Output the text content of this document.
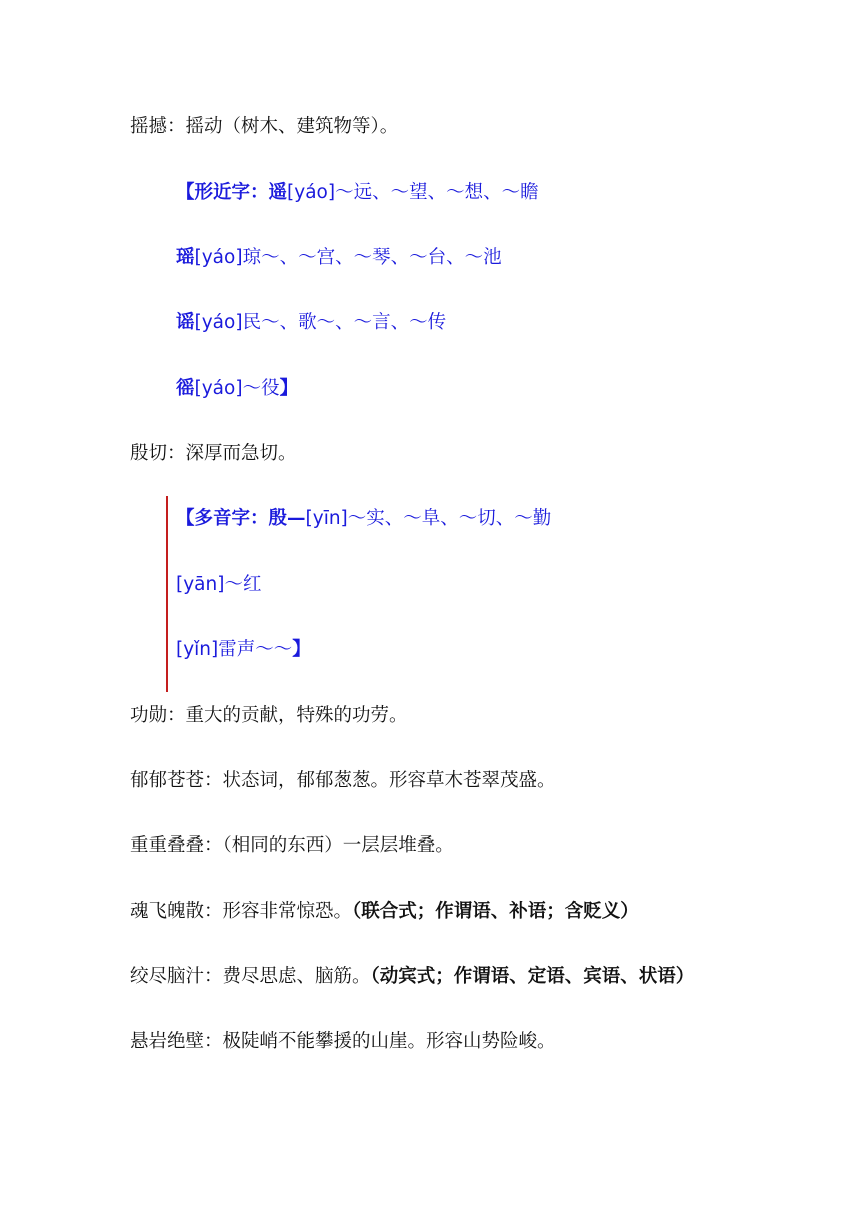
摇撼：摇动（树木、建筑物等）。
【形近字：遥[yáo]～远、～望、～想、～瞻
瑶[yáo]琼～、～宫、～琴、～台、～池
谣[yáo]民～、歌～、～言、～传
徭[yáo]～役】
殷切：深厚而急切。
【多音字：殷—[yīn]～实、～阜、～切、～勤
[yān]～红
[yǐn]雷声～～】
功勋：重大的贡献，特殊的功劳。
郁郁苍苍：状态词，郁郁葱葱。形容草木苍翠茂盛。
重重叠叠：（相同的东西）一层层堆叠。
魂飞魄散：形容非常惊恐。（联合式；作谓语、补语；含贬义）
绞尽脑汁：费尽思虑、脑筋。（动宾式；作谓语、定语、宾语、状语）
悬岩绝壁：极陡峭不能攀援的山崖。形容山势险峻。
